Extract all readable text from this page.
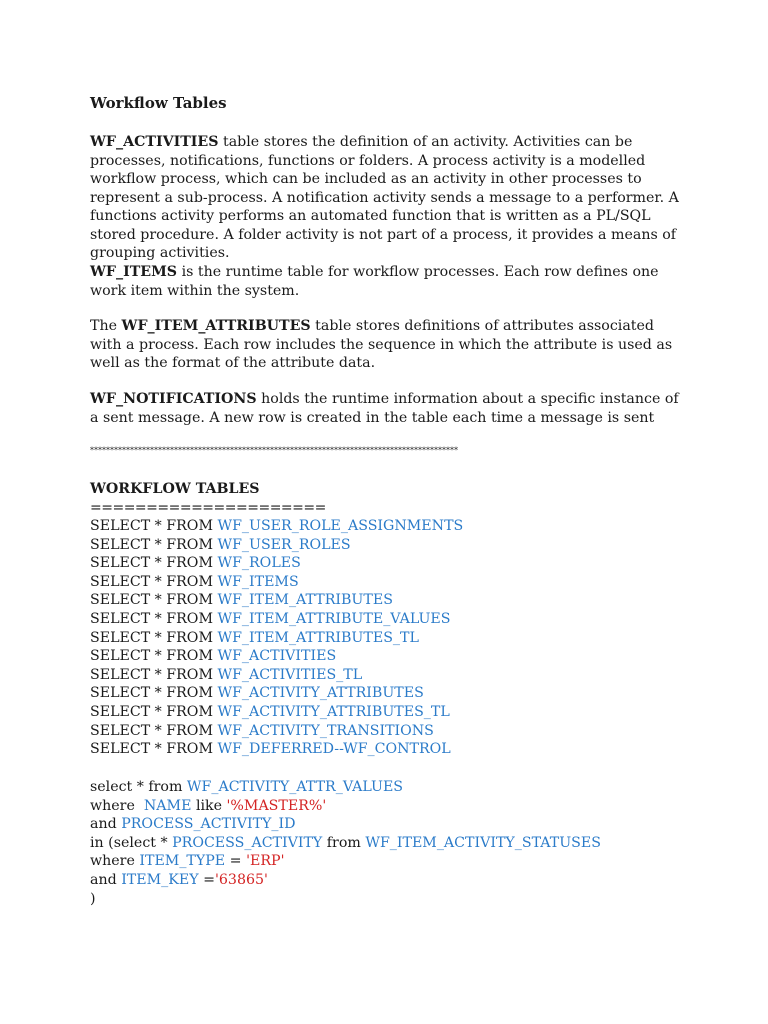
Workflow Tables

WF_ACTIVITIES table stores the definition of an activity. Activities can be processes, notifications, functions or folders. A process activity is a modelled workflow process, which can be included as an activity in other processes to represent a sub-process. A notification activity sends a message to a performer. A functions activity performs an automated function that is written as a PL/SQL stored procedure. A folder activity is not part of a process, it provides a means of grouping activities.

WF_ITEMS is the runtime table for workflow processes. Each row defines one work item within the system.

The WF_ITEM_ATTRIBUTES table stores definitions of attributes associated with a process. Each row includes the sequence in which the attribute is used as well as the format of the attribute data.

WF_NOTIFICATIONS holds the runtime information about a specific instance of a sent message. A new row is created in the table each time a message is sent

********************************************************************************************

WORKFLOW TABLES

=====================

SELECT * FROM WF_USER_ROLE_ASSIGNMENTS
SELECT * FROM WF_USER_ROLES
SELECT * FROM WF_ROLES
SELECT * FROM WF_ITEMS
SELECT * FROM WF_ITEM_ATTRIBUTES
SELECT * FROM WF_ITEM_ATTRIBUTE_VALUES
SELECT * FROM WF_ITEM_ATTRIBUTES_TL
SELECT * FROM WF_ACTIVITIES
SELECT * FROM WF_ACTIVITIES_TL
SELECT * FROM WF_ACTIVITY_ATTRIBUTES
SELECT * FROM WF_ACTIVITY_ATTRIBUTES_TL
SELECT * FROM WF_ACTIVITY_TRANSITIONS
SELECT * FROM WF_DEFERRED--WF_CONTROL
select * from WF_ACTIVITY_ATTR_VALUES
where  NAME like '%MASTER%'
and PROCESS_ACTIVITY_ID
in (select * PROCESS_ACTIVITY from WF_ITEM_ACTIVITY_STATUSES
where ITEM_TYPE = 'ERP'
and ITEM_KEY ='63865'
)
